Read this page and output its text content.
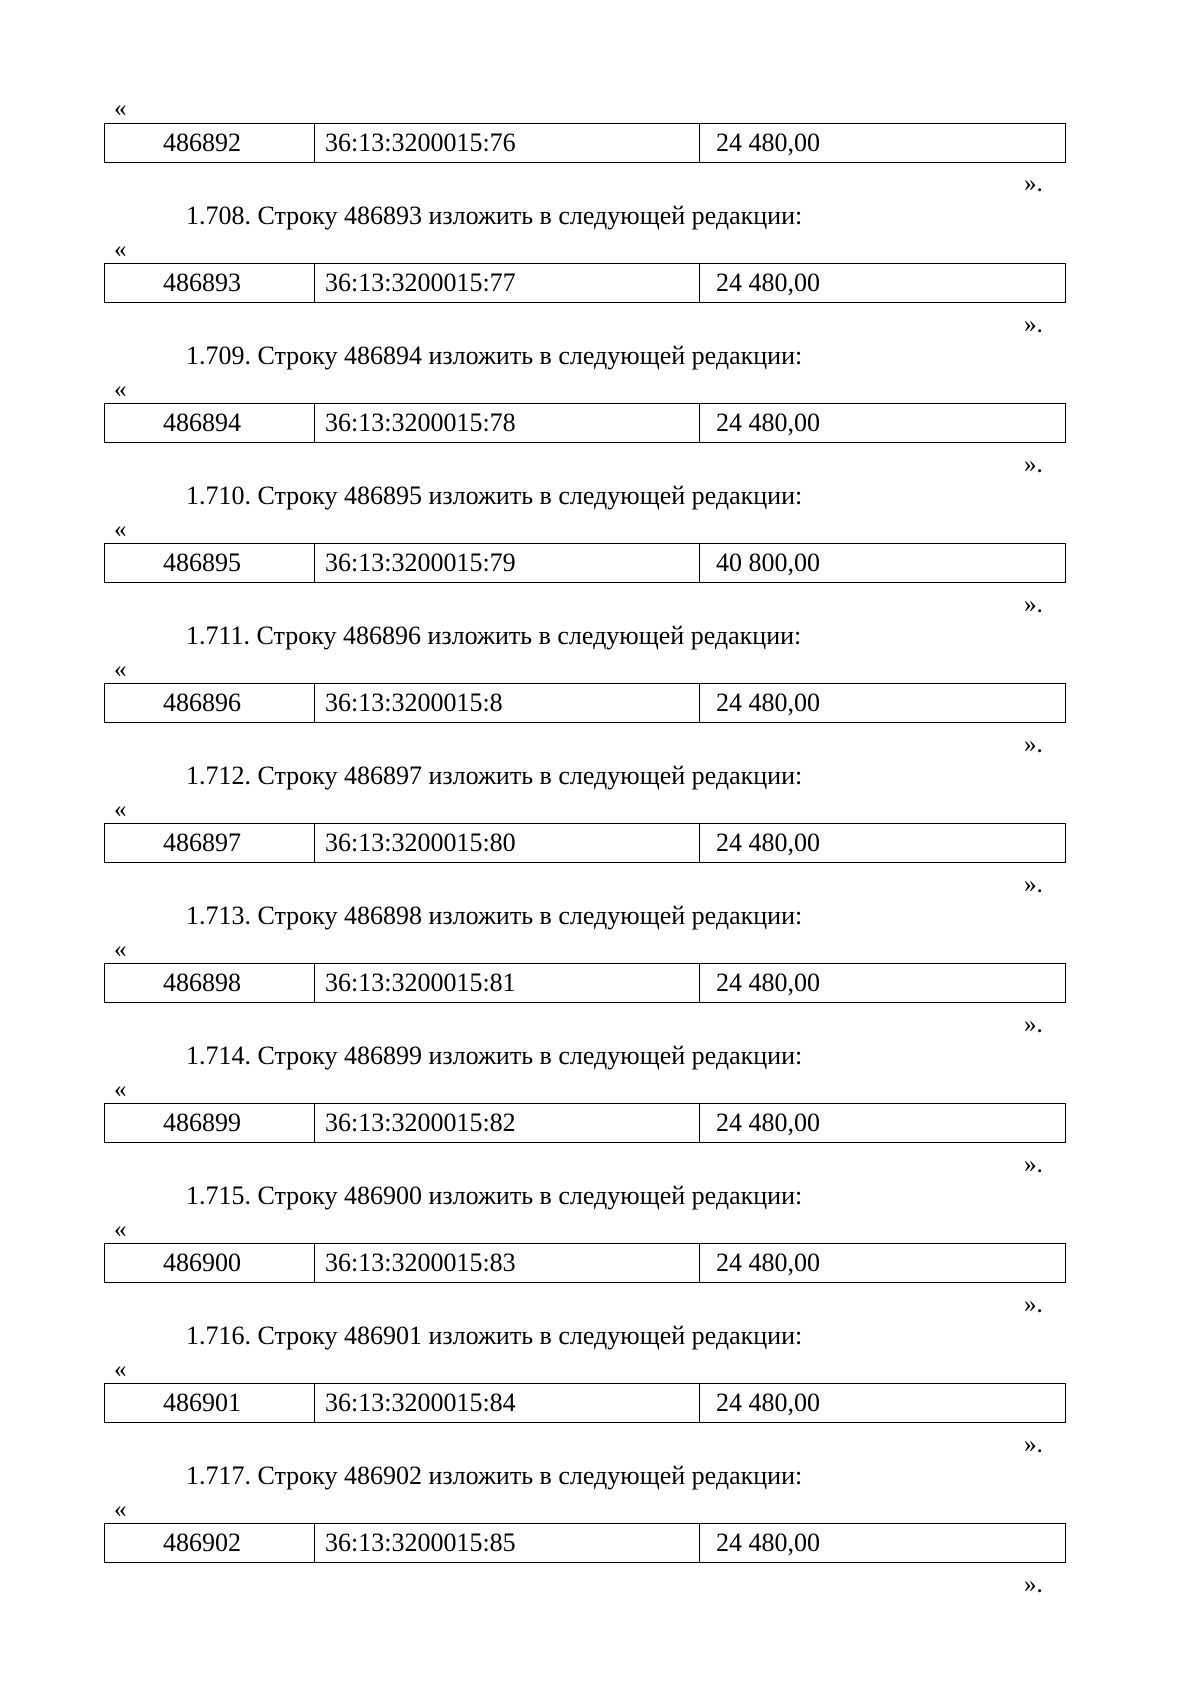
«
486892	36:13:3200015:76	24 480,00
».
1.708. Строку 486893 изложить в следующей редакции:
«
486893	36:13:3200015:77	24 480,00
».
1.709. Строку 486894 изложить в следующей редакции:
«
486894	36:13:3200015:78	24 480,00
».
1.710. Строку 486895 изложить в следующей редакции:
«
486895	36:13:3200015:79	40 800,00
».
1.711. Строку 486896 изложить в следующей редакции:
«
486896	36:13:3200015:8	24 480,00
».
1.712. Строку 486897 изложить в следующей редакции:
«
486897	36:13:3200015:80	24 480,00
».
1.713. Строку 486898 изложить в следующей редакции:
«
486898	36:13:3200015:81	24 480,00
».
1.714. Строку 486899 изложить в следующей редакции:
«
486899	36:13:3200015:82	24 480,00
».
1.715. Строку 486900 изложить в следующей редакции:
«
486900	36:13:3200015:83	24 480,00
».
1.716. Строку 486901 изложить в следующей редакции:
«
486901	36:13:3200015:84	24 480,00
».
1.717. Строку 486902 изложить в следующей редакции:
«
486902	36:13:3200015:85	24 480,00
».
